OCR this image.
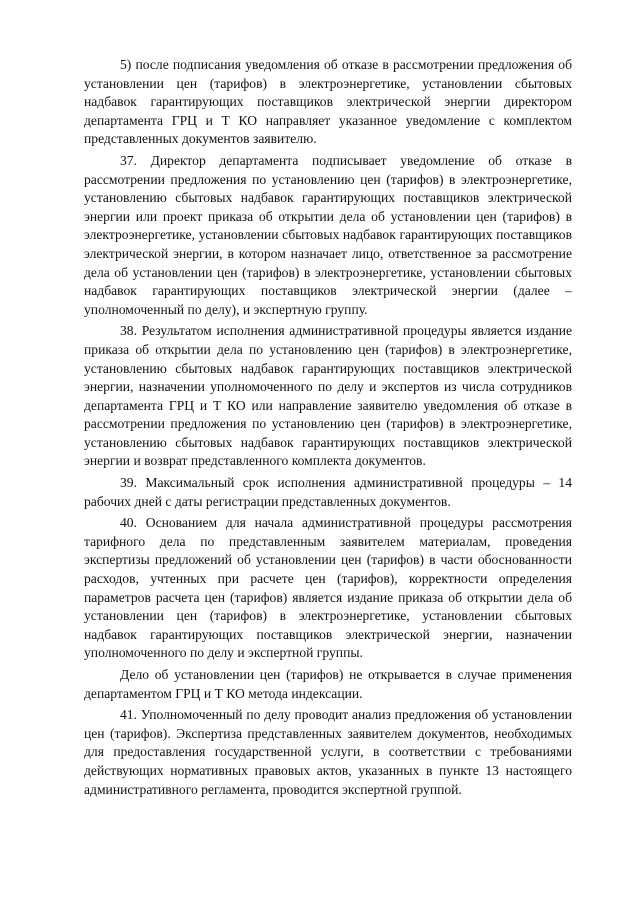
5) после подписания уведомления об отказе в рассмотрении предложения об установлении цен (тарифов) в электроэнергетике, установлении сбытовых надбавок гарантирующих поставщиков электрической энергии директором департамента ГРЦ и Т КО направляет указанное уведомление с комплектом представленных документов заявителю.

37. Директор департамента подписывает уведомление об отказе в рассмотрении предложения по установлению цен (тарифов) в электроэнергетике, установлению сбытовых надбавок гарантирующих поставщиков электрической энергии или проект приказа об открытии дела об установлении цен (тарифов) в электроэнергетике, установлении сбытовых надбавок гарантирующих поставщиков электрической энергии, в котором назначает лицо, ответственное за рассмотрение дела об установлении цен (тарифов) в электроэнергетике, установлении сбытовых надбавок гарантирующих поставщиков электрической энергии (далее – уполномоченный по делу), и экспертную группу.

38. Результатом исполнения административной процедуры является издание приказа об открытии дела по установлению цен (тарифов) в электроэнергетике, установлению сбытовых надбавок гарантирующих поставщиков электрической энергии, назначении уполномоченного по делу и экспертов из числа сотрудников департамента ГРЦ и Т КО или направление заявителю уведомления об отказе в рассмотрении предложения по установлению цен (тарифов) в электроэнергетике, установлению сбытовых надбавок гарантирующих поставщиков электрической энергии и возврат представленного комплекта документов.

39. Максимальный срок исполнения административной процедуры – 14 рабочих дней с даты регистрации представленных документов.

40. Основанием для начала административной процедуры рассмотрения тарифного дела по представленным заявителем материалам, проведения экспертизы предложений об установлении цен (тарифов) в части обоснованности расходов, учтенных при расчете цен (тарифов), корректности определения параметров расчета цен (тарифов) является издание приказа об открытии дела об установлении цен (тарифов) в электроэнергетике, установлении сбытовых надбавок гарантирующих поставщиков электрической энергии, назначении уполномоченного по делу и экспертной группы.

Дело об установлении цен (тарифов) не открывается в случае применения департаментом ГРЦ и Т КО метода индексации.

41. Уполномоченный по делу проводит анализ предложения об установлении цен (тарифов). Экспертиза представленных заявителем документов, необходимых для предоставления государственной услуги, в соответствии с требованиями действующих нормативных правовых актов, указанных в пункте 13 настоящего административного регламента, проводится экспертной группой.
